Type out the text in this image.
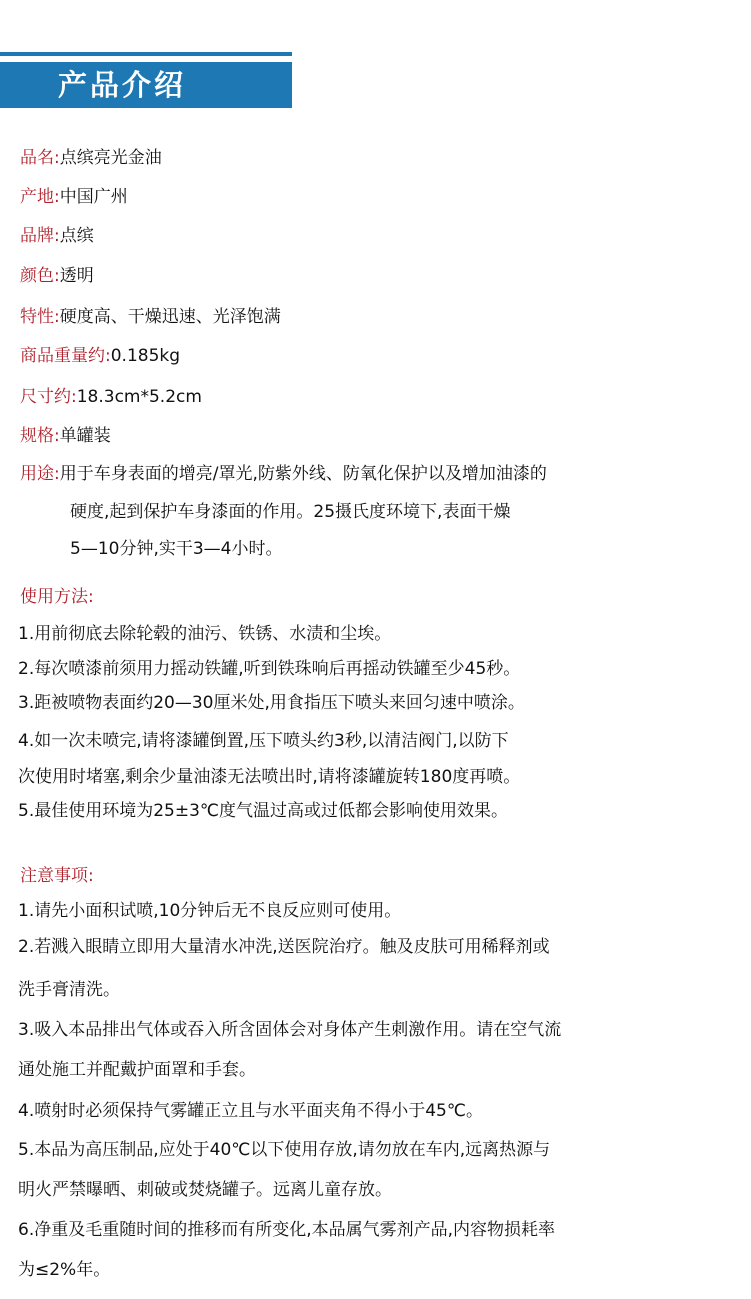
产品介绍
品名:点缤亮光金油
产地:中国广州
品牌:点缤
颜色:透明
特性:硬度高、干燥迅速、光泽饱满
商品重量约:0.185kg
尺寸约:18.3cm*5.2cm
规格:单罐装
用途:用于车身表面的增亮/罩光,防紫外线、防氧化保护以及增加油漆的
硬度,起到保护车身漆面的作用。25摄氏度环境下,表面干燥
5—10分钟,实干3—4小时。
使用方法:
1.用前彻底去除轮毂的油污、铁锈、水渍和尘埃。
2.每次喷漆前须用力摇动铁罐,听到铁珠响后再摇动铁罐至少45秒。
3.距被喷物表面约20—30厘米处,用食指压下喷头来回匀速中喷涂。
4.如一次未喷完,请将漆罐倒置,压下喷头约3秒,以清洁阀门,以防下
次使用时堵塞,剩余少量油漆无法喷出时,请将漆罐旋转180度再喷。
5.最佳使用环境为25±3℃度气温过高或过低都会影响使用效果。
注意事项:
1.请先小面积试喷,10分钟后无不良反应则可使用。
2.若溅入眼睛立即用大量清水冲洗,送医院治疗。触及皮肤可用稀释剂或
洗手膏清洗。
3.吸入本品排出气体或吞入所含固体会对身体产生刺激作用。请在空气流
通处施工并配戴护面罩和手套。
4.喷射时必须保持气雾罐正立且与水平面夹角不得小于45℃。
5.本品为高压制品,应处于40℃以下使用存放,请勿放在车内,远离热源与
明火严禁曝晒、刺破或焚烧罐子。远离儿童存放。
6.净重及毛重随时间的推移而有所变化,本品属气雾剂产品,内容物损耗率
为≤2%年。
